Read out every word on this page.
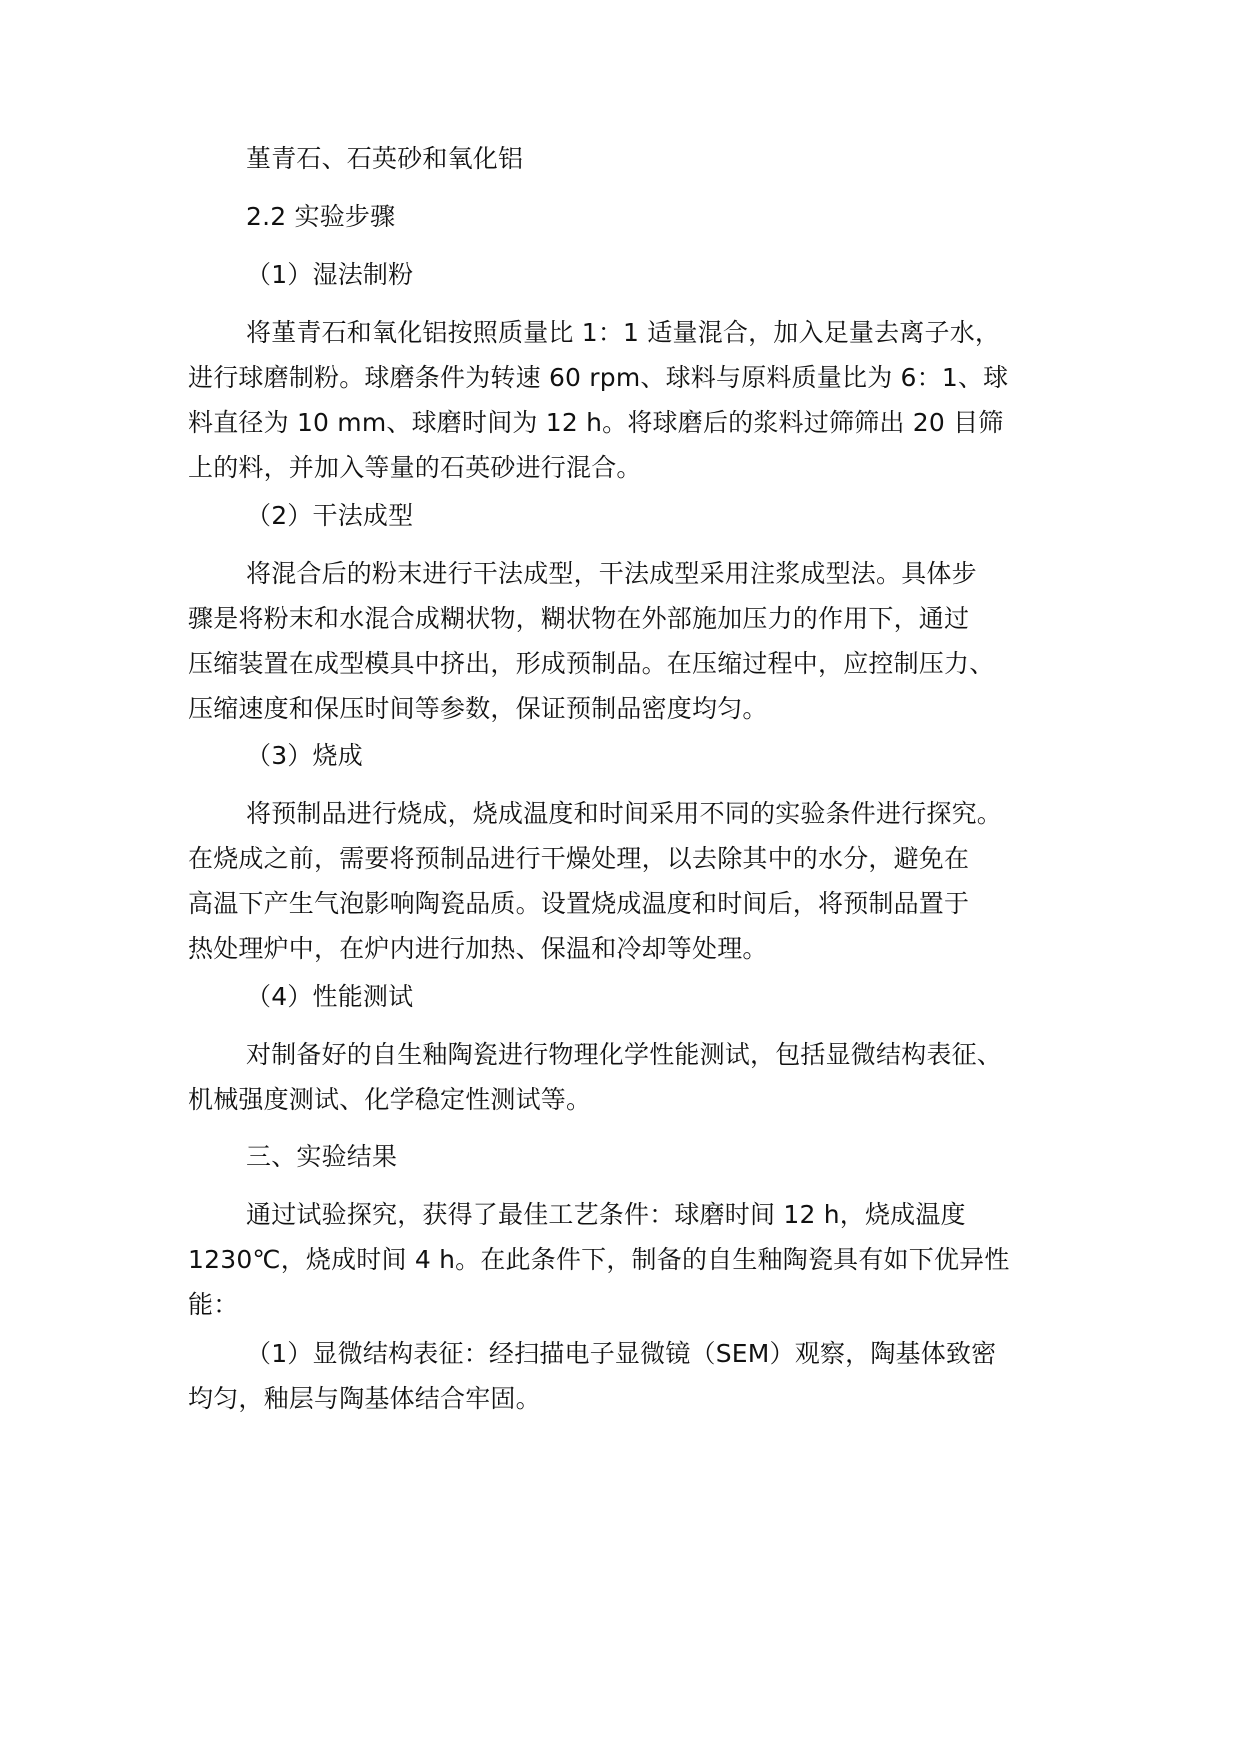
堇青石、石英砂和氧化铝
2.2 实验步骤
（1）湿法制粉
将堇青石和氧化铝按照质量比 1：1 适量混合，加入足量去离子水，
进行球磨制粉。球磨条件为转速 60 rpm、球料与原料质量比为 6：1、球
料直径为 10 mm、球磨时间为 12 h。将球磨后的浆料过筛筛出 20 目筛
上的料，并加入等量的石英砂进行混合。
（2）干法成型
将混合后的粉末进行干法成型，干法成型采用注浆成型法。具体步
骤是将粉末和水混合成糊状物，糊状物在外部施加压力的作用下，通过
压缩装置在成型模具中挤出，形成预制品。在压缩过程中，应控制压力、
压缩速度和保压时间等参数，保证预制品密度均匀。
（3）烧成
将预制品进行烧成，烧成温度和时间采用不同的实验条件进行探究。
在烧成之前，需要将预制品进行干燥处理，以去除其中的水分，避免在
高温下产生气泡影响陶瓷品质。设置烧成温度和时间后，将预制品置于
热处理炉中，在炉内进行加热、保温和冷却等处理。
（4）性能测试
对制备好的自生釉陶瓷进行物理化学性能测试，包括显微结构表征、
机械强度测试、化学稳定性测试等。
三、实验结果
通过试验探究，获得了最佳工艺条件：球磨时间 12 h，烧成温度
1230℃，烧成时间 4 h。在此条件下，制备的自生釉陶瓷具有如下优异性
能：
（1）显微结构表征：经扫描电子显微镜（SEM）观察，陶基体致密
均匀，釉层与陶基体结合牢固。
